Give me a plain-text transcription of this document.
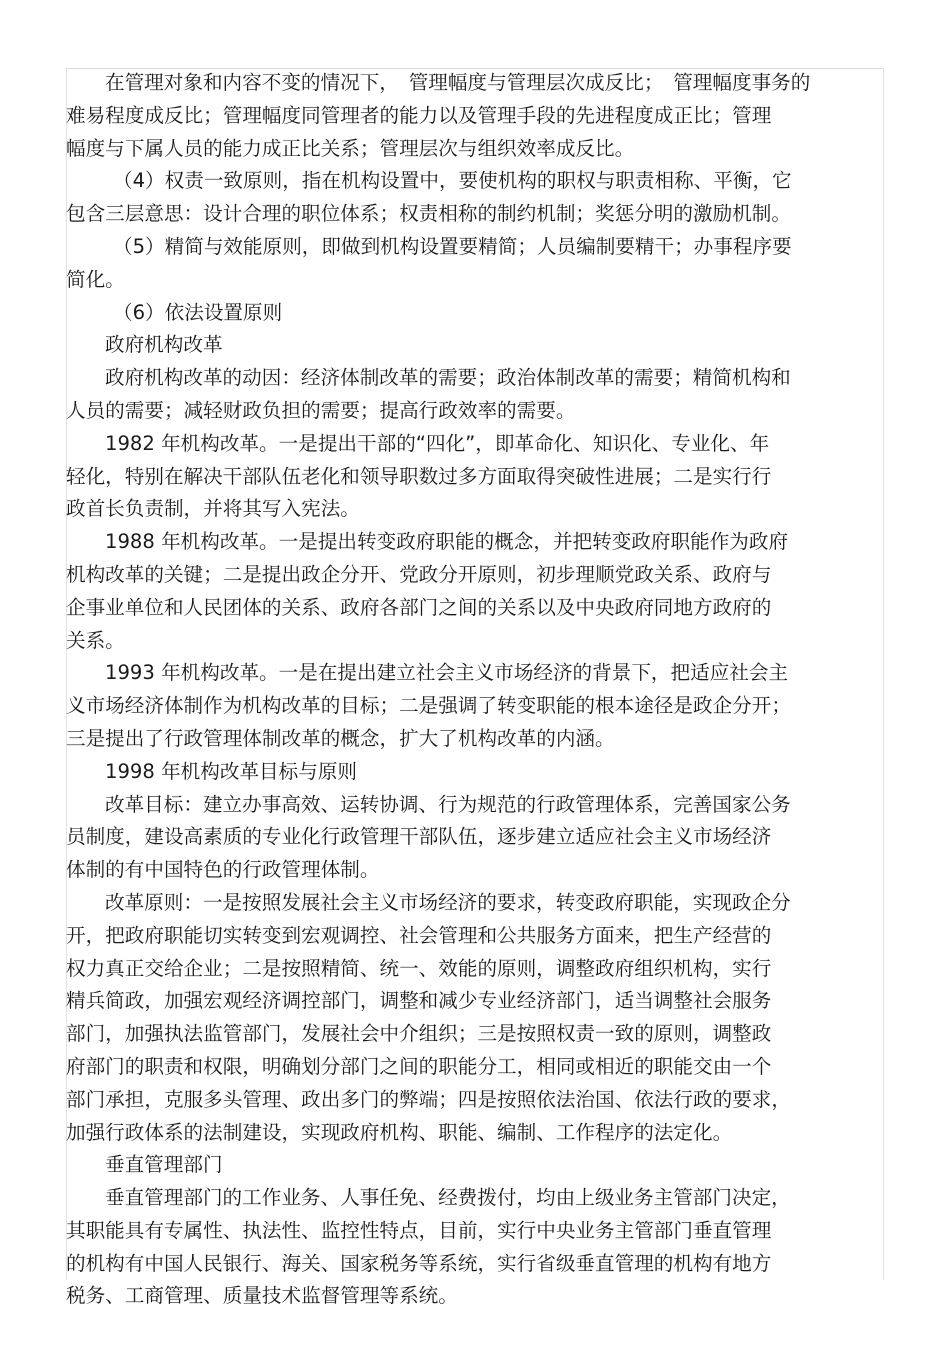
在管理对象和内容不变的情况下，　管理幅度与管理层次成反比；　管理幅度事务的
难易程度成反比；管理幅度同管理者的能力以及管理手段的先进程度成正比；管理
幅度与下属人员的能力成正比关系；管理层次与组织效率成反比。
（4）权责一致原则，指在机构设置中，要使机构的职权与职责相称、平衡，它
包含三层意思：设计合理的职位体系；权责相称的制约机制；奖惩分明的激励机制。
（5）精简与效能原则，即做到机构设置要精简；人员编制要精干；办事程序要
简化。
（6）依法设置原则
政府机构改革
政府机构改革的动因：经济体制改革的需要；政治体制改革的需要；精简机构和
人员的需要；减轻财政负担的需要；提高行政效率的需要。
1982 年机构改革。一是提出干部的“四化”，即革命化、知识化、专业化、年
轻化，特别在解决干部队伍老化和领导职数过多方面取得突破性进展；二是实行行
政首长负责制，并将其写入宪法。
1988 年机构改革。一是提出转变政府职能的概念，并把转变政府职能作为政府
机构改革的关键；二是提出政企分开、党政分开原则，初步理顺党政关系、政府与
企事业单位和人民团体的关系、政府各部门之间的关系以及中央政府同地方政府的
关系。
1993 年机构改革。一是在提出建立社会主义市场经济的背景下，把适应社会主
义市场经济体制作为机构改革的目标；二是强调了转变职能的根本途径是政企分开；
三是提出了行政管理体制改革的概念，扩大了机构改革的内涵。
1998 年机构改革目标与原则
改革目标：建立办事高效、运转协调、行为规范的行政管理体系，完善国家公务
员制度，建设高素质的专业化行政管理干部队伍，逐步建立适应社会主义市场经济
体制的有中国特色的行政管理体制。
改革原则：一是按照发展社会主义市场经济的要求，转变政府职能，实现政企分
开，把政府职能切实转变到宏观调控、社会管理和公共服务方面来，把生产经营的
权力真正交给企业；二是按照精简、统一、效能的原则，调整政府组织机构，实行
精兵简政，加强宏观经济调控部门，调整和减少专业经济部门，适当调整社会服务
部门，加强执法监管部门，发展社会中介组织；三是按照权责一致的原则，调整政
府部门的职责和权限，明确划分部门之间的职能分工，相同或相近的职能交由一个
部门承担，克服多头管理、政出多门的弊端；四是按照依法治国、依法行政的要求，
加强行政体系的法制建设，实现政府机构、职能、编制、工作程序的法定化。
垂直管理部门
垂直管理部门的工作业务、人事任免、经费拨付，均由上级业务主管部门决定，
其职能具有专属性、执法性、监控性特点，目前，实行中央业务主管部门垂直管理
的机构有中国人民银行、海关、国家税务等系统，实行省级垂直管理的机构有地方
税务、工商管理、质量技术监督管理等系统。
